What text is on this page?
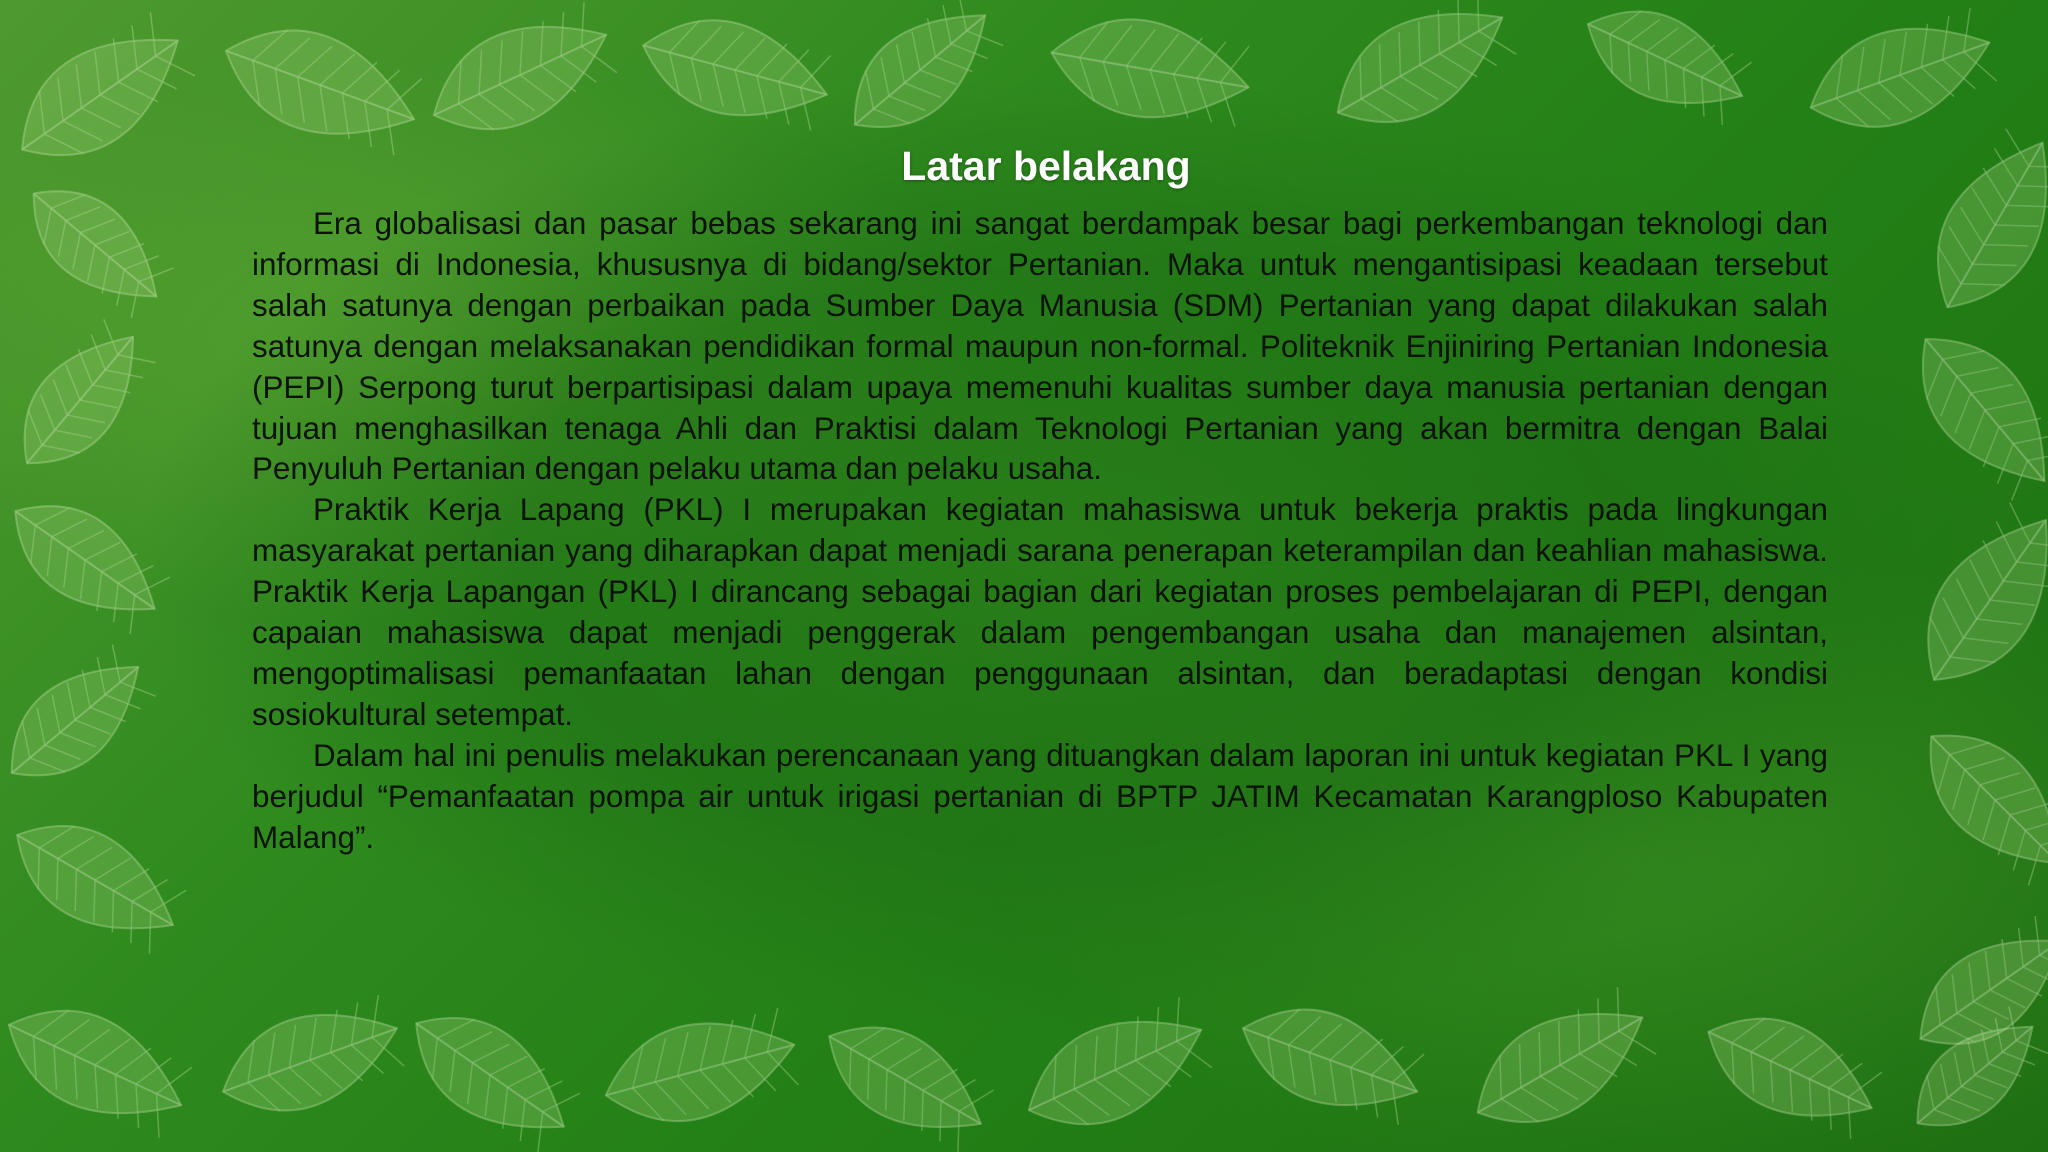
Latar belakang

Era globalisasi dan pasar bebas sekarang ini sangat berdampak besar bagi perkembangan teknologi dan informasi di Indonesia, khususnya di bidang/sektor Pertanian. Maka untuk mengantisipasi keadaan tersebut salah satunya dengan perbaikan pada Sumber Daya Manusia (SDM) Pertanian yang dapat dilakukan salah satunya dengan melaksanakan pendidikan formal maupun non-formal. Politeknik Enjiniring Pertanian Indonesia (PEPI) Serpong turut berpartisipasi dalam upaya memenuhi kualitas sumber daya manusia pertanian dengan tujuan menghasilkan tenaga Ahli dan Praktisi dalam Teknologi Pertanian yang akan bermitra dengan Balai Penyuluh Pertanian dengan pelaku utama dan pelaku usaha.

Praktik Kerja Lapang (PKL) I merupakan kegiatan mahasiswa untuk bekerja praktis pada lingkungan masyarakat pertanian yang diharapkan dapat menjadi sarana penerapan keterampilan dan keahlian mahasiswa. Praktik Kerja Lapangan (PKL) I dirancang sebagai bagian dari kegiatan proses pembelajaran di PEPI, dengan capaian mahasiswa dapat menjadi penggerak dalam pengembangan usaha dan manajemen alsintan, mengoptimalisasi pemanfaatan lahan dengan penggunaan alsintan, dan beradaptasi dengan kondisi sosiokultural setempat.

Dalam hal ini penulis melakukan perencanaan yang dituangkan dalam laporan ini untuk kegiatan PKL I yang berjudul “Pemanfaatan pompa air untuk irigasi pertanian di BPTP JATIM Kecamatan Karangploso Kabupaten Malang”.
